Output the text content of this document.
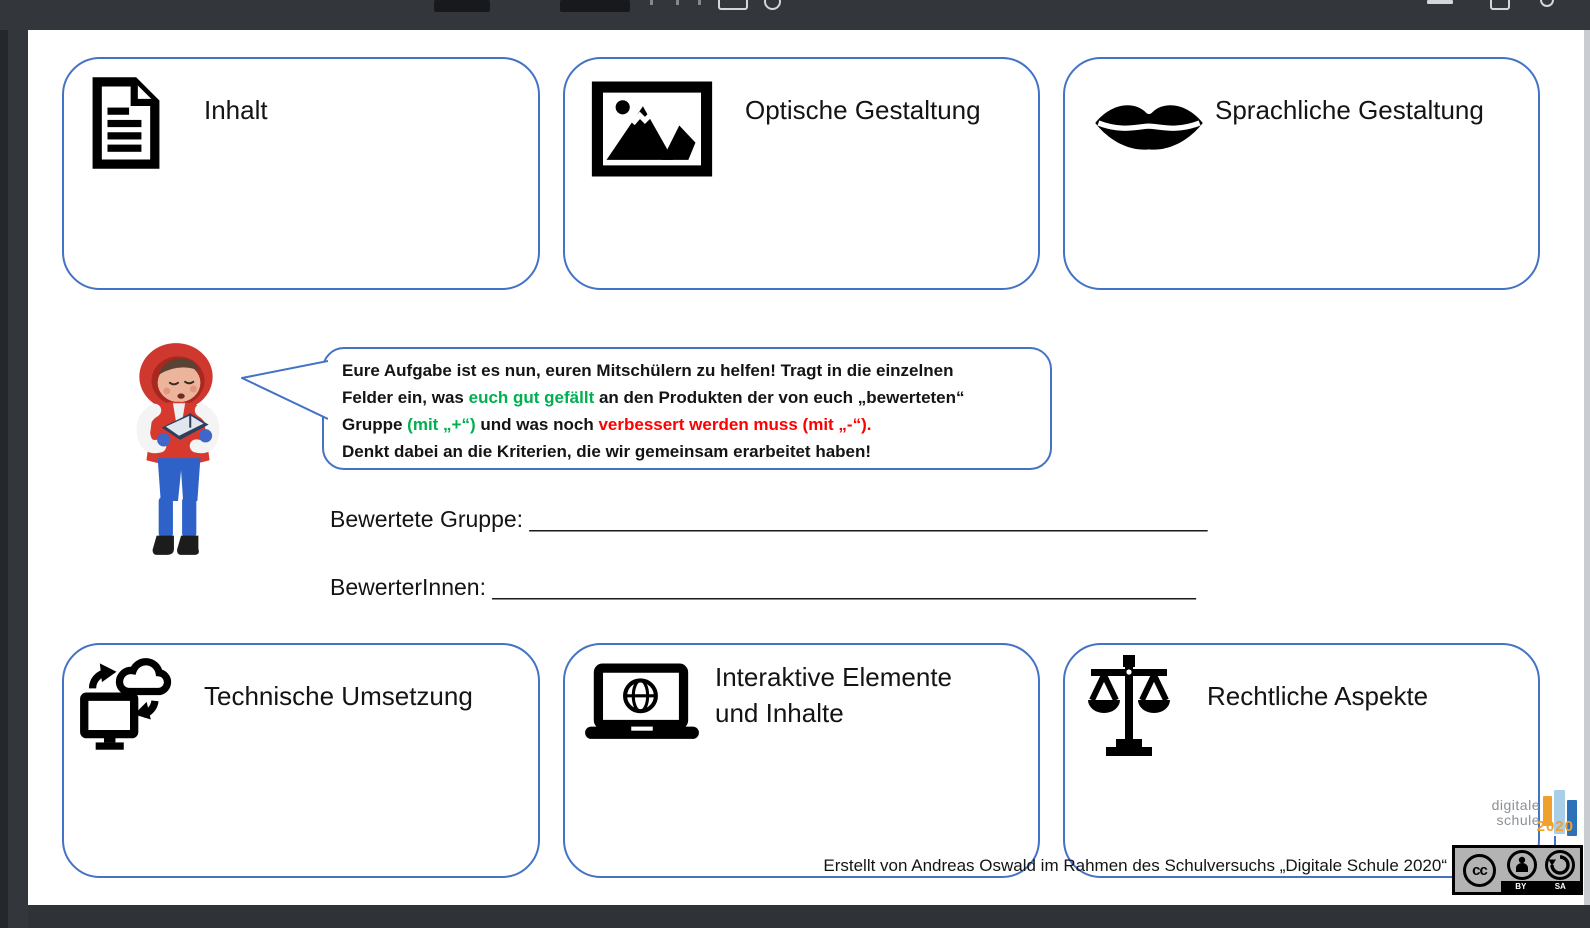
Inhalt	Optische Gestaltung	Sprachliche Gestaltung
Eure Aufgabe ist es nun, euren Mitschülern zu helfen! Tragt in die einzelnen
Felder ein, was euch gut gefällt an den Produkten der von euch „bewerteten“
Gruppe (mit „+“) und was noch verbessert werden muss (mit „-“).
Denkt dabei an die Kriterien, die wir gemeinsam erarbeitet haben!
Bewertete Gruppe: _____________________________________________________
BewerterInnen: _______________________________________________________
Technische Umsetzung
Interaktive Elemente
und Inhalte
Rechtliche Aspekte
Erstellt von Andreas Oswald im Rahmen des Schulversuchs „Digitale Schule 2020“
digitale
schule
2020
cc
BY	SA
